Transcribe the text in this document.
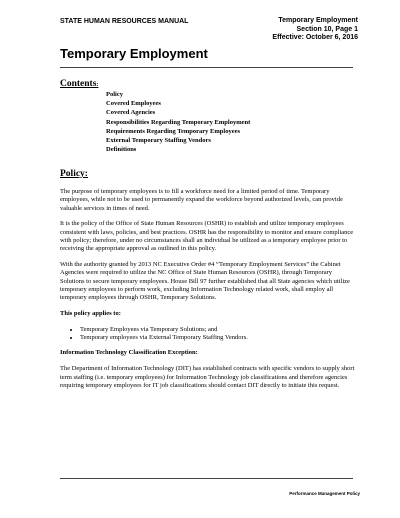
STATE HUMAN RESOURCES MANUAL	Temporary Employment
Section 10, Page 1
Effective: October 6, 2016
Temporary Employment
Contents:
Policy
Covered Employees
Covered Agencies
Responsibilities Regarding Temporary Employment
Requirements Regarding Temporary Employees
External Temporary Staffing Vendors
Definitions
Policy:

The purpose of temporary employees is to fill a workforce need for a limited period of time. Temporary employees, while not to be used to permanently expand the workforce beyond authorized levels, can provide valuable services in times of need.

It is the policy of the Office of State Human Resources (OSHR) to establish and utilize temporary employees consistent with laws, policies, and best practices. OSHR has the responsibility to monitor and ensure compliance with policy; therefore, under no circumstances shall an individual be utilized as a temporary employee prior to receiving the appropriate approval as outlined in this policy.

With the authority granted by 2013 NC Executive Order #4 “Temporary Employment Services” the Cabinet Agencies were required to utilize the NC Office of State Human Resources (OSHR), through Temporary Solutions to secure temporary employees. House Bill 97 further established that all State agencies which utilize temporary employees to perform work, excluding Information Technology related work, shall employ all temporary employees through OSHR, Temporary Solutions.

This policy applies to:

• Temporary Employees via Temporary Solutions; and
• Temporary employees via External Temporary Staffing Vendors.

Information Technology Classification Exception:

The Department of Information Technology (DIT) has established contracts with specific vendors to supply short term staffing (i.e. temporary employees) for Information Technology job classifications and therefore agencies requiring temporary employees for IT job classifications should contact DIT directly to initiate this request.

Performance Management Policy
